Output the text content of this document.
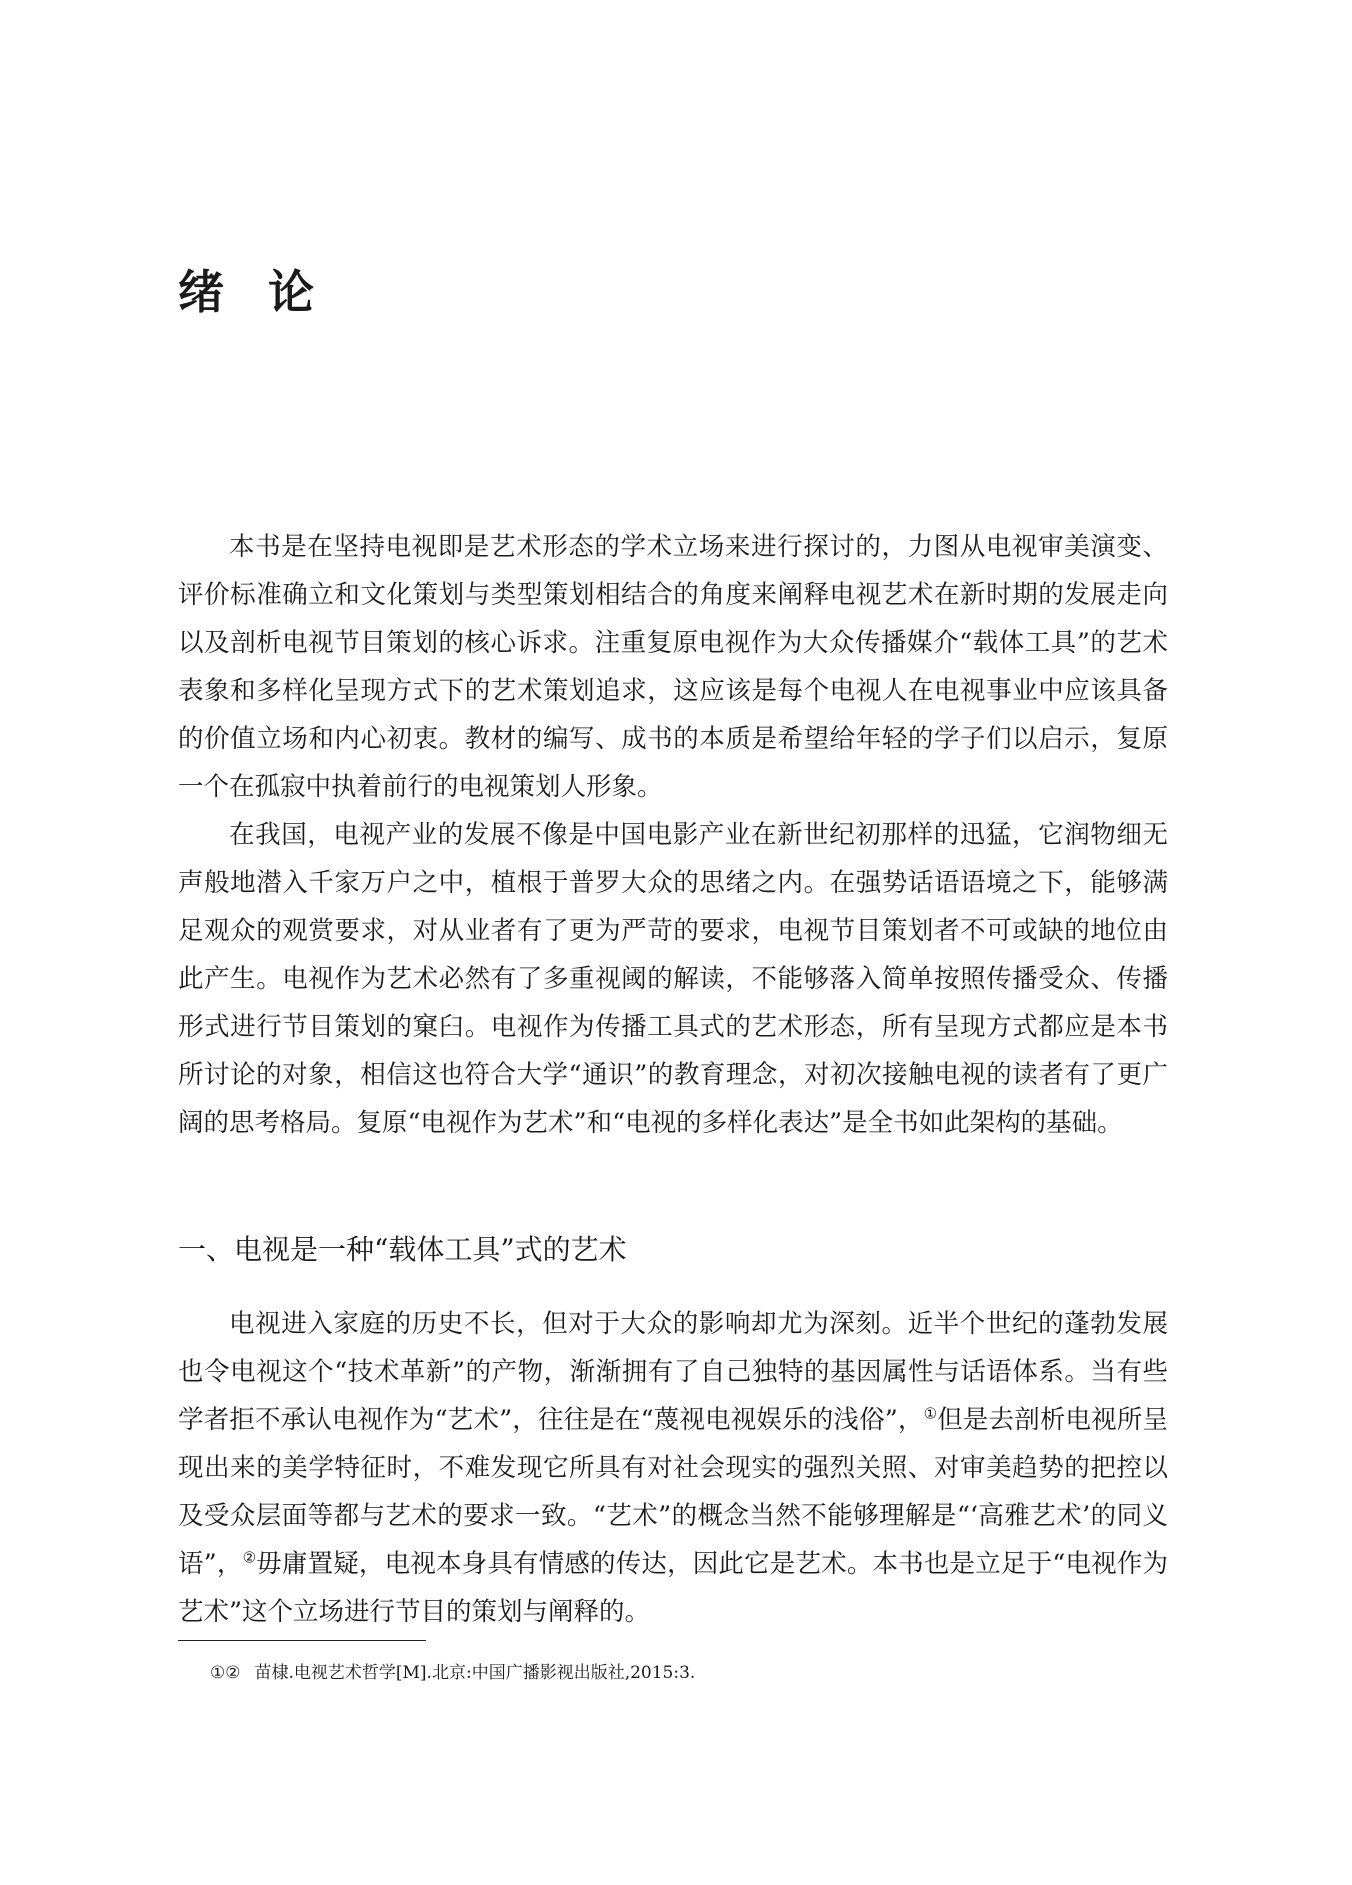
绪论

本书是在坚持电视即是艺术形态的学术立场来进行探讨的，力图从电视审美演变、评价标准确立和文化策划与类型策划相结合的角度来阐释电视艺术在新时期的发展走向以及剖析电视节目策划的核心诉求。注重复原电视作为大众传播媒介“载体工具”的艺术表象和多样化呈现方式下的艺术策划追求，这应该是每个电视人在电视事业中应该具备的价值立场和内心初衷。教材的编写、成书的本质是希望给年轻的学子们以启示，复原一个在孤寂中执着前行的电视策划人形象。

在我国，电视产业的发展不像是中国电影产业在新世纪初那样的迅猛，它润物细无声般地潜入千家万户之中，植根于普罗大众的思绪之内。在强势话语语境之下，能够满足观众的观赏要求，对从业者有了更为严苛的要求，电视节目策划者不可或缺的地位由此产生。电视作为艺术必然有了多重视阈的解读，不能够落入简单按照传播受众、传播形式进行节目策划的窠臼。电视作为传播工具式的艺术形态，所有呈现方式都应是本书所讨论的对象，相信这也符合大学“通识”的教育理念，对初次接触电视的读者有了更广阔的思考格局。复原“电视作为艺术”和“电视的多样化表达”是全书如此架构的基础。

一、电视是一种“载体工具”式的艺术

电视进入家庭的历史不长，但对于大众的影响却尤为深刻。近半个世纪的蓬勃发展也令电视这个“技术革新”的产物，渐渐拥有了自己独特的基因属性与话语体系。当有些学者拒不承认电视作为“艺术”，往往是在“蔑视电视娱乐的浅俗”，①但是去剖析电视所呈现出来的美学特征时，不难发现它所具有对社会现实的强烈关照、对审美趋势的把控以及受众层面等都与艺术的要求一致。“艺术”的概念当然不能够理解是“‘高雅艺术’的同义语”，②毋庸置疑，电视本身具有情感的传达，因此它是艺术。本书也是立足于“电视作为艺术”这个立场进行节目的策划与阐释的。

①② 苗棣.电视艺术哲学[M].北京:中国广播影视出版社,2015:3.
